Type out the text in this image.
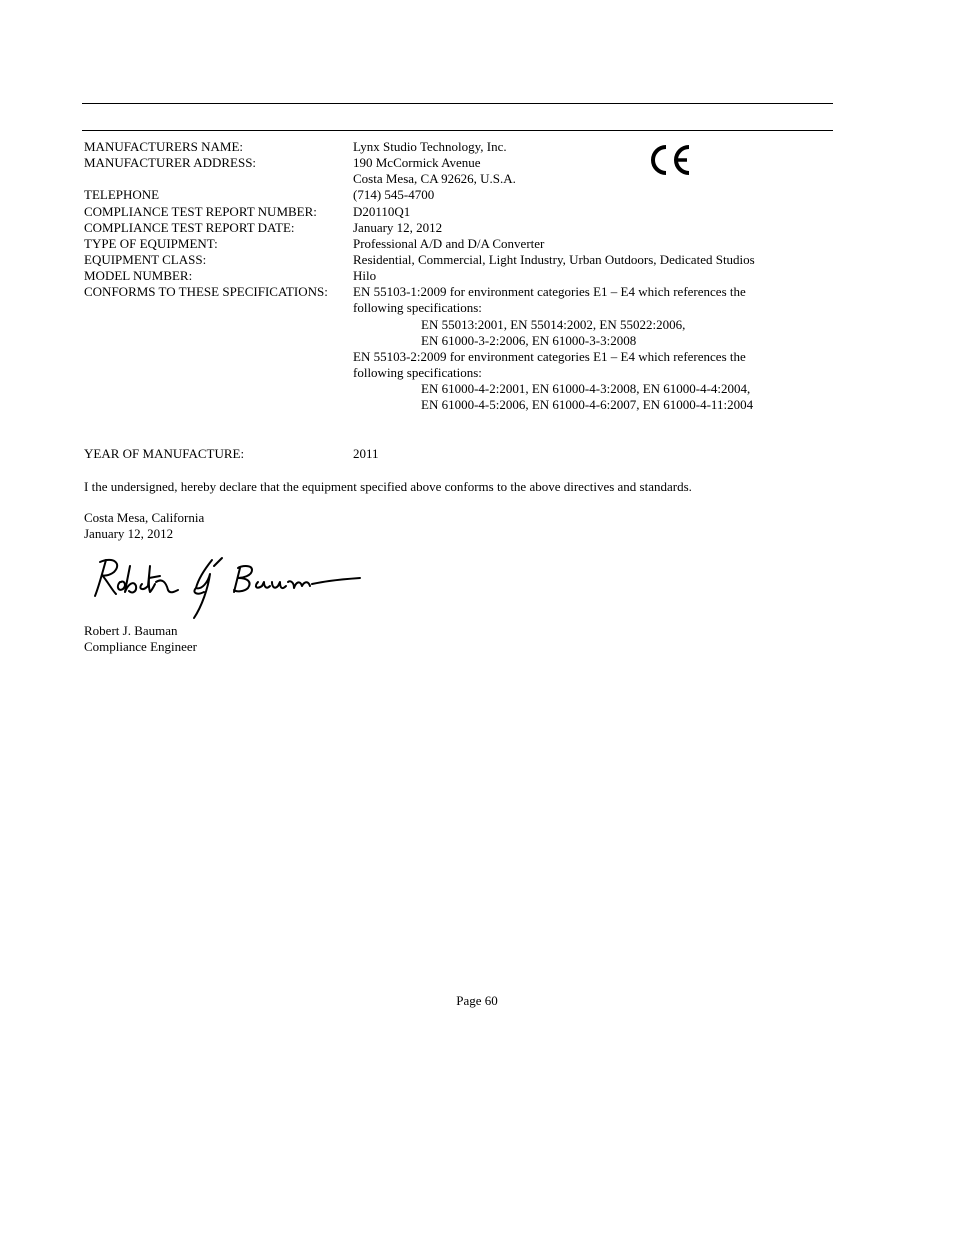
MANUFACTURERS NAME:	Lynx Studio Technology, Inc.
MANUFACTURER ADDRESS:	190 McCormick Avenue
Costa Mesa, CA 92626, U.S.A.
TELEPHONE	(714) 545-4700
COMPLIANCE TEST REPORT NUMBER:	D20110Q1
COMPLIANCE TEST REPORT DATE:	January 12, 2012
TYPE OF EQUIPMENT:	Professional A/D and D/A Converter
EQUIPMENT CLASS:	Residential, Commercial, Light Industry, Urban Outdoors, Dedicated Studios
MODEL NUMBER:	Hilo
CONFORMS TO THESE SPECIFICATIONS: EN 55103-1:2009 for environment categories E1 – E4 which references the
following specifications:
EN 55013:2001, EN 55014:2002, EN 55022:2006,
EN 61000-3-2:2006, EN 61000-3-3:2008
EN 55103-2:2009 for environment categories E1 – E4 which references the
following specifications:
EN 61000-4-2:2001, EN 61000-4-3:2008, EN 61000-4-4:2004,
EN 61000-4-5:2006, EN 61000-4-6:2007, EN 61000-4-11:2004
YEAR OF MANUFACTURE:	2011
I the undersigned, hereby declare that the equipment specified above conforms to the above directives and standards.
Costa Mesa, California
January 12, 2012
Robert J. Bauman
Compliance Engineer
Page 60
